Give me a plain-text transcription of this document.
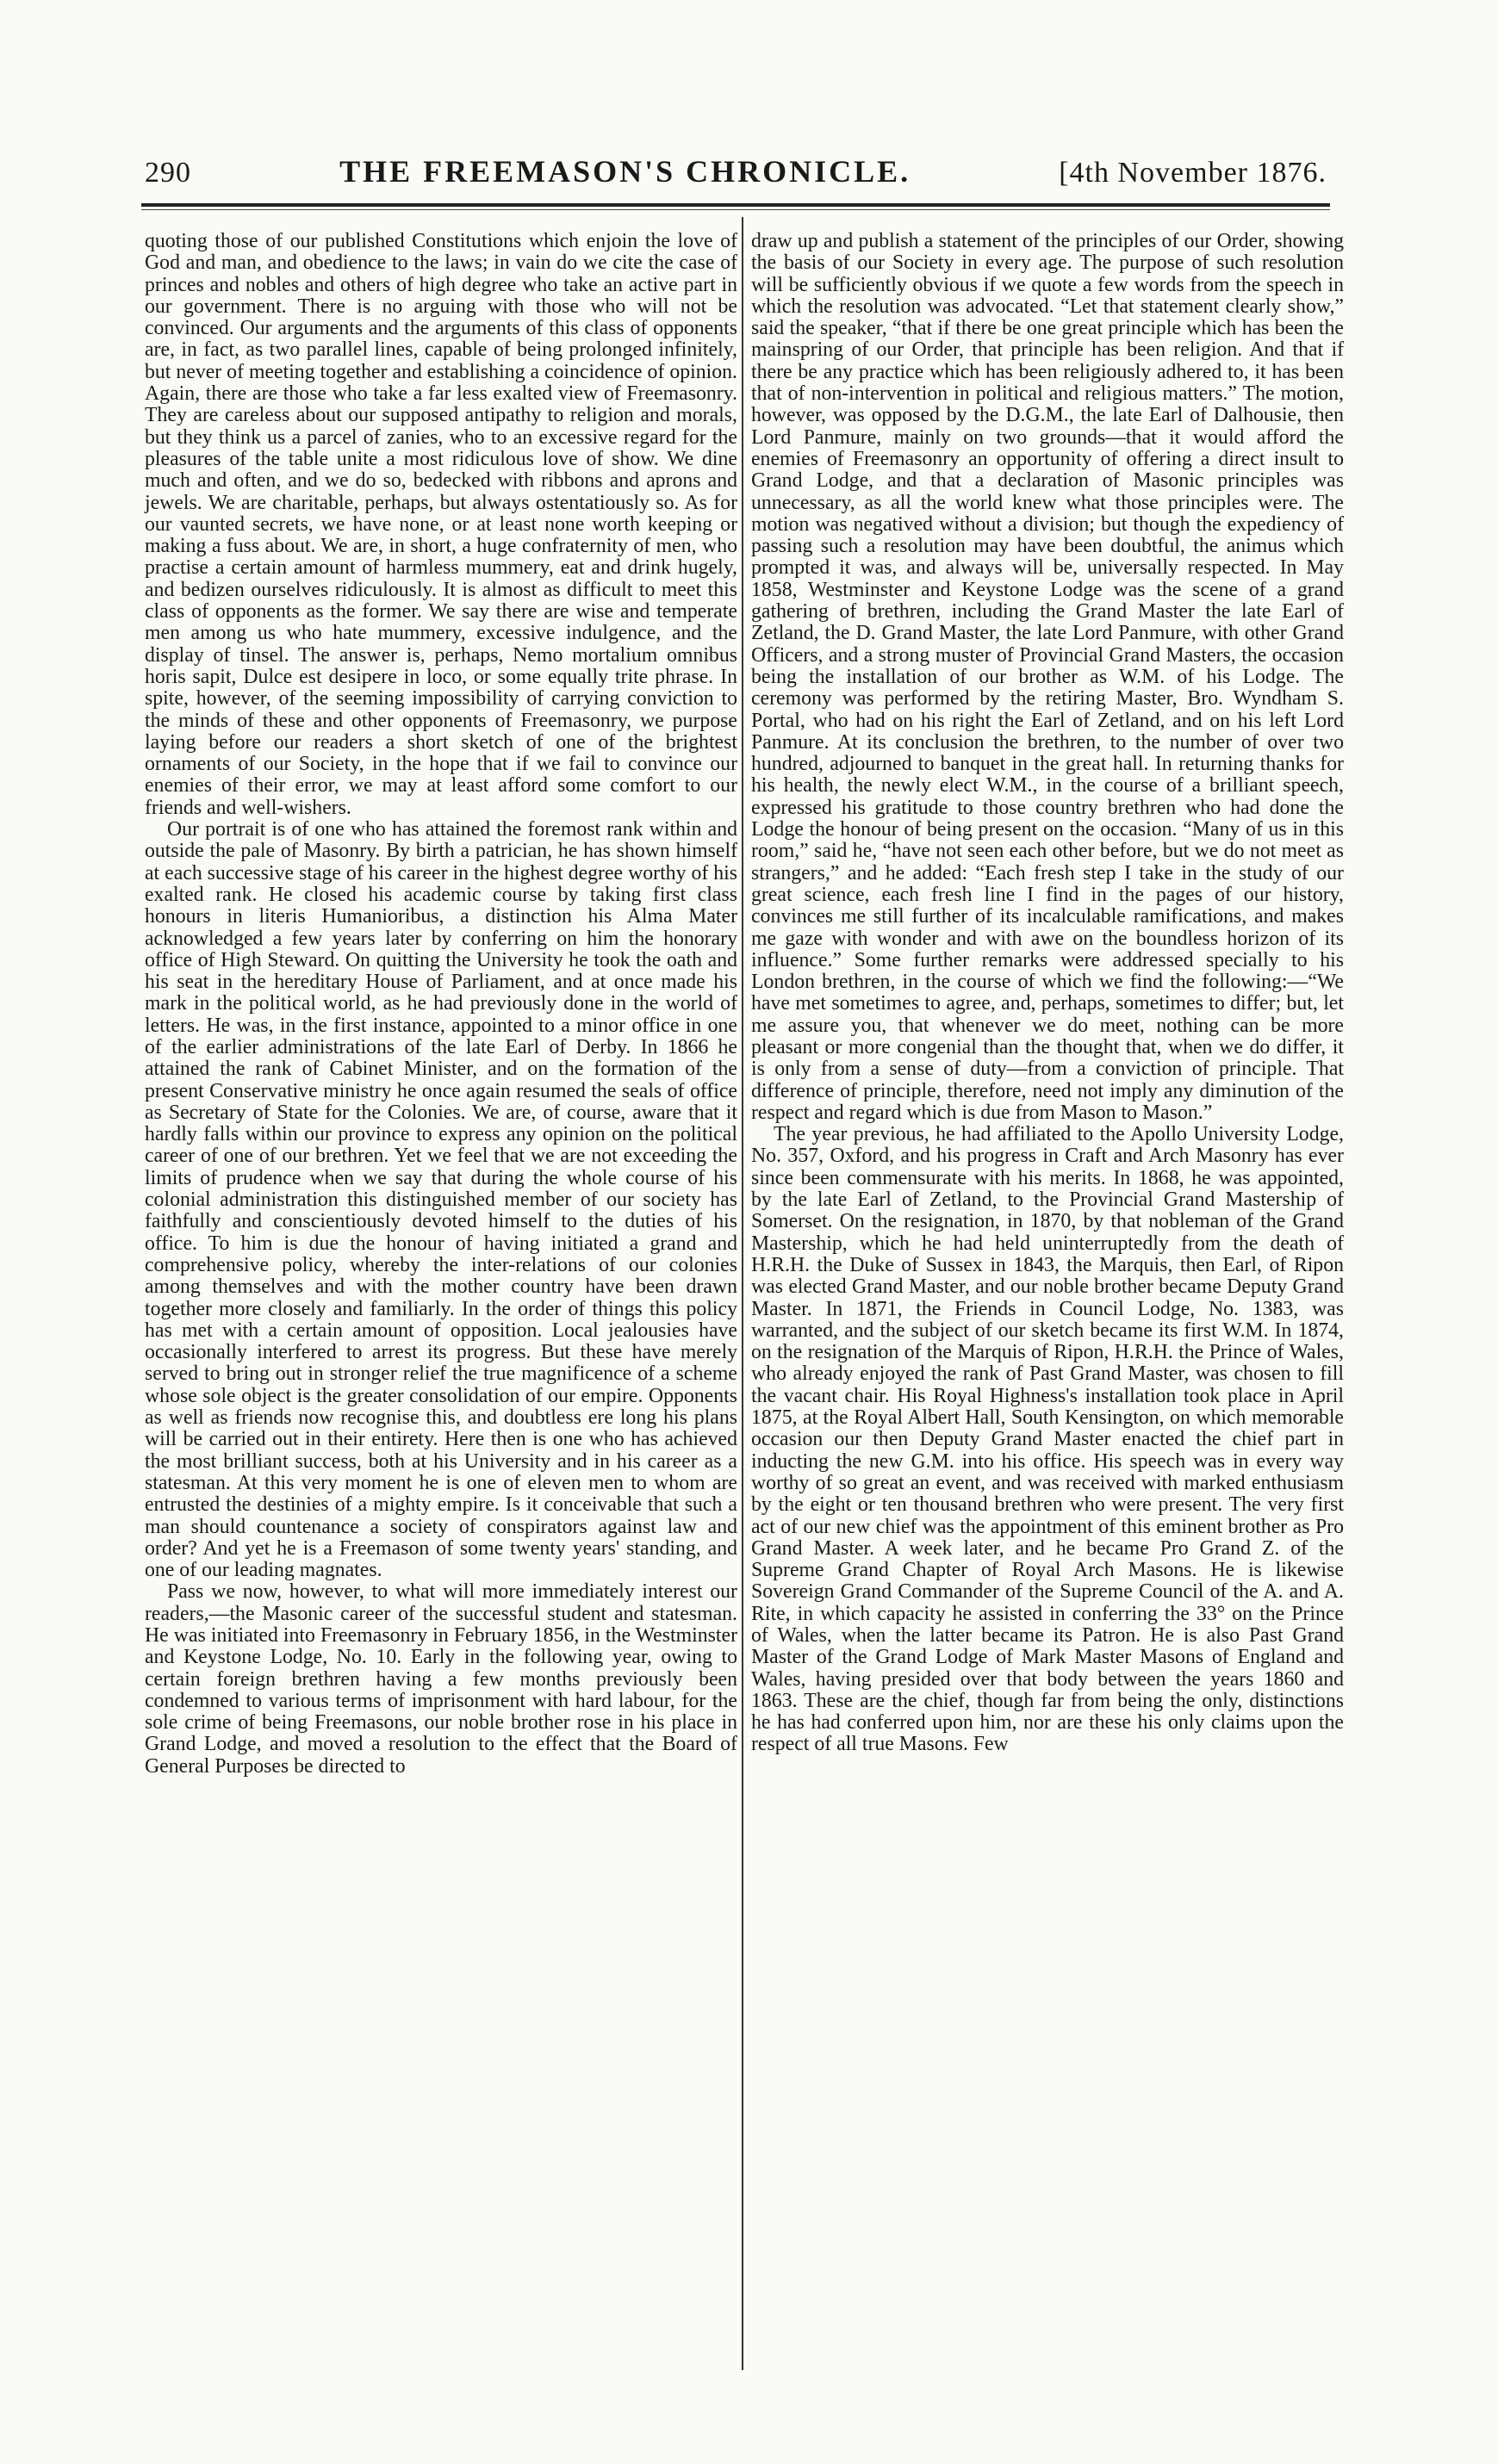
290	THE FREEMASON'S CHRONICLE.	[4th November 1876.

quoting those of our published Constitutions which enjoin the love of God and man, and obedience to the laws; in vain do we cite the case of princes and nobles and others of high degree who take an active part in our government. There is no arguing with those who will not be convinced. Our arguments and the arguments of this class of opponents are, in fact, as two parallel lines, capable of being prolonged infinitely, but never of meeting together and establishing a coincidence of opinion. Again, there are those who take a far less exalted view of Freemasonry. They are careless about our supposed antipathy to religion and morals, but they think us a parcel of zanies, who to an excessive regard for the pleasures of the table unite a most ridiculous love of show. We dine much and often, and we do so, bedecked with ribbons and aprons and jewels. We are charitable, perhaps, but always ostentatiously so. As for our vaunted secrets, we have none, or at least none worth keeping or making a fuss about. We are, in short, a huge confraternity of men, who practise a certain amount of harmless mummery, eat and drink hugely, and bedizen ourselves ridiculously. It is almost as difficult to meet this class of opponents as the former. We say there are wise and temperate men among us who hate mummery, excessive indulgence, and the display of tinsel. The answer is, perhaps, Nemo mortalium omnibus horis sapit, Dulce est desipere in loco, or some equally trite phrase. In spite, however, of the seeming impossibility of carrying conviction to the minds of these and other opponents of Freemasonry, we purpose laying before our readers a short sketch of one of the brightest ornaments of our Society, in the hope that if we fail to convince our enemies of their error, we may at least afford some comfort to our friends and well-wishers.

Our portrait is of one who has attained the foremost rank within and outside the pale of Masonry. By birth a patrician, he has shown himself at each successive stage of his career in the highest degree worthy of his exalted rank. He closed his academic course by taking first class honours in literis Humanioribus, a distinction his Alma Mater acknowledged a few years later by conferring on him the honorary office of High Steward. On quitting the University he took the oath and his seat in the hereditary House of Parliament, and at once made his mark in the political world, as he had previously done in the world of letters. He was, in the first instance, appointed to a minor office in one of the earlier administrations of the late Earl of Derby. In 1866 he attained the rank of Cabinet Minister, and on the formation of the present Conservative ministry he once again resumed the seals of office as Secretary of State for the Colonies. We are, of course, aware that it hardly falls within our province to express any opinion on the political career of one of our brethren. Yet we feel that we are not exceeding the limits of prudence when we say that during the whole course of his colonial administration this distinguished member of our society has faithfully and conscientiously devoted himself to the duties of his office. To him is due the honour of having initiated a grand and comprehensive policy, whereby the inter-relations of our colonies among themselves and with the mother country have been drawn together more closely and familiarly. In the order of things this policy has met with a certain amount of opposition. Local jealousies have occasionally interfered to arrest its progress. But these have merely served to bring out in stronger relief the true magnificence of a scheme whose sole object is the greater consolidation of our empire. Opponents as well as friends now recognise this, and doubtless ere long his plans will be carried out in their entirety. Here then is one who has achieved the most brilliant success, both at his University and in his career as a statesman. At this very moment he is one of eleven men to whom are entrusted the destinies of a mighty empire. Is it conceivable that such a man should countenance a society of conspirators against law and order? And yet he is a Freemason of some twenty years' standing, and one of our leading magnates.

Pass we now, however, to what will more immediately interest our readers,—the Masonic career of the successful student and statesman. He was initiated into Freemasonry in February 1856, in the Westminster and Keystone Lodge, No. 10. Early in the following year, owing to certain foreign brethren having a few months previously been condemned to various terms of imprisonment with hard labour, for the sole crime of being Freemasons, our noble brother rose in his place in Grand Lodge, and moved a resolution to the effect that the Board of General Purposes be directed to

draw up and publish a statement of the principles of our Order, showing the basis of our Society in every age. The purpose of such resolution will be sufficiently obvious if we quote a few words from the speech in which the resolution was advocated. “Let that statement clearly show,” said the speaker, “that if there be one great principle which has been the mainspring of our Order, that principle has been religion. And that if there be any practice which has been religiously adhered to, it has been that of non-intervention in political and religious matters.” The motion, however, was opposed by the D.G.M., the late Earl of Dalhousie, then Lord Panmure, mainly on two grounds—that it would afford the enemies of Freemasonry an opportunity of offering a direct insult to Grand Lodge, and that a declaration of Masonic principles was unnecessary, as all the world knew what those principles were. The motion was negatived without a division; but though the expediency of passing such a resolution may have been doubtful, the animus which prompted it was, and always will be, universally respected. In May 1858, Westminster and Keystone Lodge was the scene of a grand gathering of brethren, including the Grand Master the late Earl of Zetland, the D. Grand Master, the late Lord Panmure, with other Grand Officers, and a strong muster of Provincial Grand Masters, the occasion being the installation of our brother as W.M. of his Lodge. The ceremony was performed by the retiring Master, Bro. Wyndham S. Portal, who had on his right the Earl of Zetland, and on his left Lord Panmure. At its conclusion the brethren, to the number of over two hundred, adjourned to banquet in the great hall. In returning thanks for his health, the newly elect W.M., in the course of a brilliant speech, expressed his gratitude to those country brethren who had done the Lodge the honour of being present on the occasion. “Many of us in this room,” said he, “have not seen each other before, but we do not meet as strangers,” and he added: “Each fresh step I take in the study of our great science, each fresh line I find in the pages of our history, convinces me still further of its incalculable ramifications, and makes me gaze with wonder and with awe on the boundless horizon of its influence.” Some further remarks were addressed specially to his London brethren, in the course of which we find the following:—“We have met sometimes to agree, and, perhaps, sometimes to differ; but, let me assure you, that whenever we do meet, nothing can be more pleasant or more congenial than the thought that, when we do differ, it is only from a sense of duty—from a conviction of principle. That difference of principle, therefore, need not imply any diminution of the respect and regard which is due from Mason to Mason.”

The year previous, he had affiliated to the Apollo University Lodge, No. 357, Oxford, and his progress in Craft and Arch Masonry has ever since been commensurate with his merits. In 1868, he was appointed, by the late Earl of Zetland, to the Provincial Grand Mastership of Somerset. On the resignation, in 1870, by that nobleman of the Grand Mastership, which he had held uninterruptedly from the death of H.R.H. the Duke of Sussex in 1843, the Marquis, then Earl, of Ripon was elected Grand Master, and our noble brother became Deputy Grand Master. In 1871, the Friends in Council Lodge, No. 1383, was warranted, and the subject of our sketch became its first W.M. In 1874, on the resignation of the Marquis of Ripon, H.R.H. the Prince of Wales, who already enjoyed the rank of Past Grand Master, was chosen to fill the vacant chair. His Royal Highness's installation took place in April 1875, at the Royal Albert Hall, South Kensington, on which memorable occasion our then Deputy Grand Master enacted the chief part in inducting the new G.M. into his office. His speech was in every way worthy of so great an event, and was received with marked enthusiasm by the eight or ten thousand brethren who were present. The very first act of our new chief was the appointment of this eminent brother as Pro Grand Master. A week later, and he became Pro Grand Z. of the Supreme Grand Chapter of Royal Arch Masons. He is likewise Sovereign Grand Commander of the Supreme Council of the A. and A. Rite, in which capacity he assisted in conferring the 33° on the Prince of Wales, when the latter became its Patron. He is also Past Grand Master of the Grand Lodge of Mark Master Masons of England and Wales, having presided over that body between the years 1860 and 1863. These are the chief, though far from being the only, distinctions he has had conferred upon him, nor are these his only claims upon the respect of all true Masons. Few
